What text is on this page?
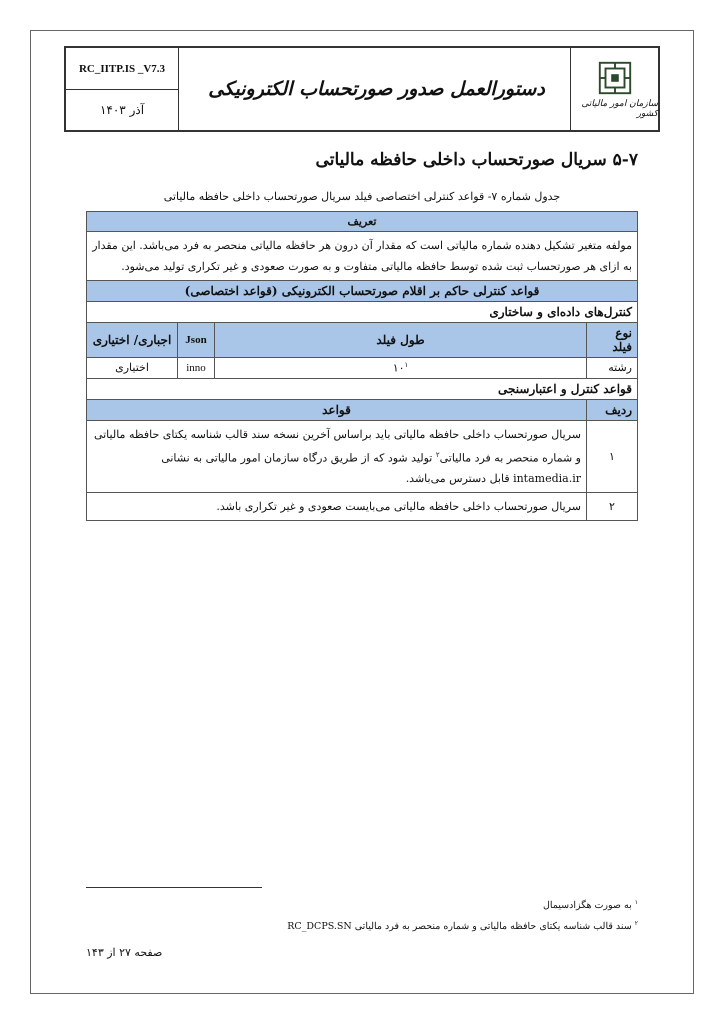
RC_IITP.IS _V7.3
آذر ۱۴۰۳
دستورالعمل صدور صورتحساب الکترونیکی
سازمان امور مالیاتی کشور
۵-۷ سریال صورتحساب داخلی حافظه مالیاتی
جدول شماره ۷- قواعد کنترلی اختصاصی فیلد سریال صورتحساب داخلی حافظه مالیاتی
تعریف			
مولفه متغیر تشکیل دهنده شماره مالیاتی است که مقدار آن درون هر حافظه مالیاتی منحصر به فرد می‌باشد. این مقدار به ازای هر صورتحساب ثبت شده توسط حافظه مالیاتی متفاوت و به صورت صعودی و غیر تکراری تولید می‌شود.			
قواعد کنترلی حاکم بر اقلام صورتحساب الکترونیکی (قواعد اختصاصی)			
کنترل‌های داده‌ای و ساختاری			
نوع فیلد	طول فیلد	Json	اجباری/ اختیاری
رشته	$۱۰^۱$	inno	اختیاری
قواعد کنترل و اعتبارسنجی			
ردیف	قواعد		
۱	سریال صورتحساب داخلی حافظه مالیاتی باید براساس آخرین نسخه سند قالب شناسه یکتای حافظه مالیاتی و شماره منحصر به فرد مالیاتی$^۲$ تولید شود که از طریق درگاه سازمان امور مالیاتی به نشانی intamedia.ir قابل دسترس می‌باشد.		
۲	سریال صورتحساب داخلی حافظه مالیاتی می‌بایست صعودی و غیر تکراری باشد.		
$^۱$ به صورت هگزادسیمال
$^۲$ سند قالب شناسه یکتای حافظه مالیاتی و شماره منحصر به فرد مالیاتی RC_DCPS.SN
صفحه ۲۷ از ۱۴۳
